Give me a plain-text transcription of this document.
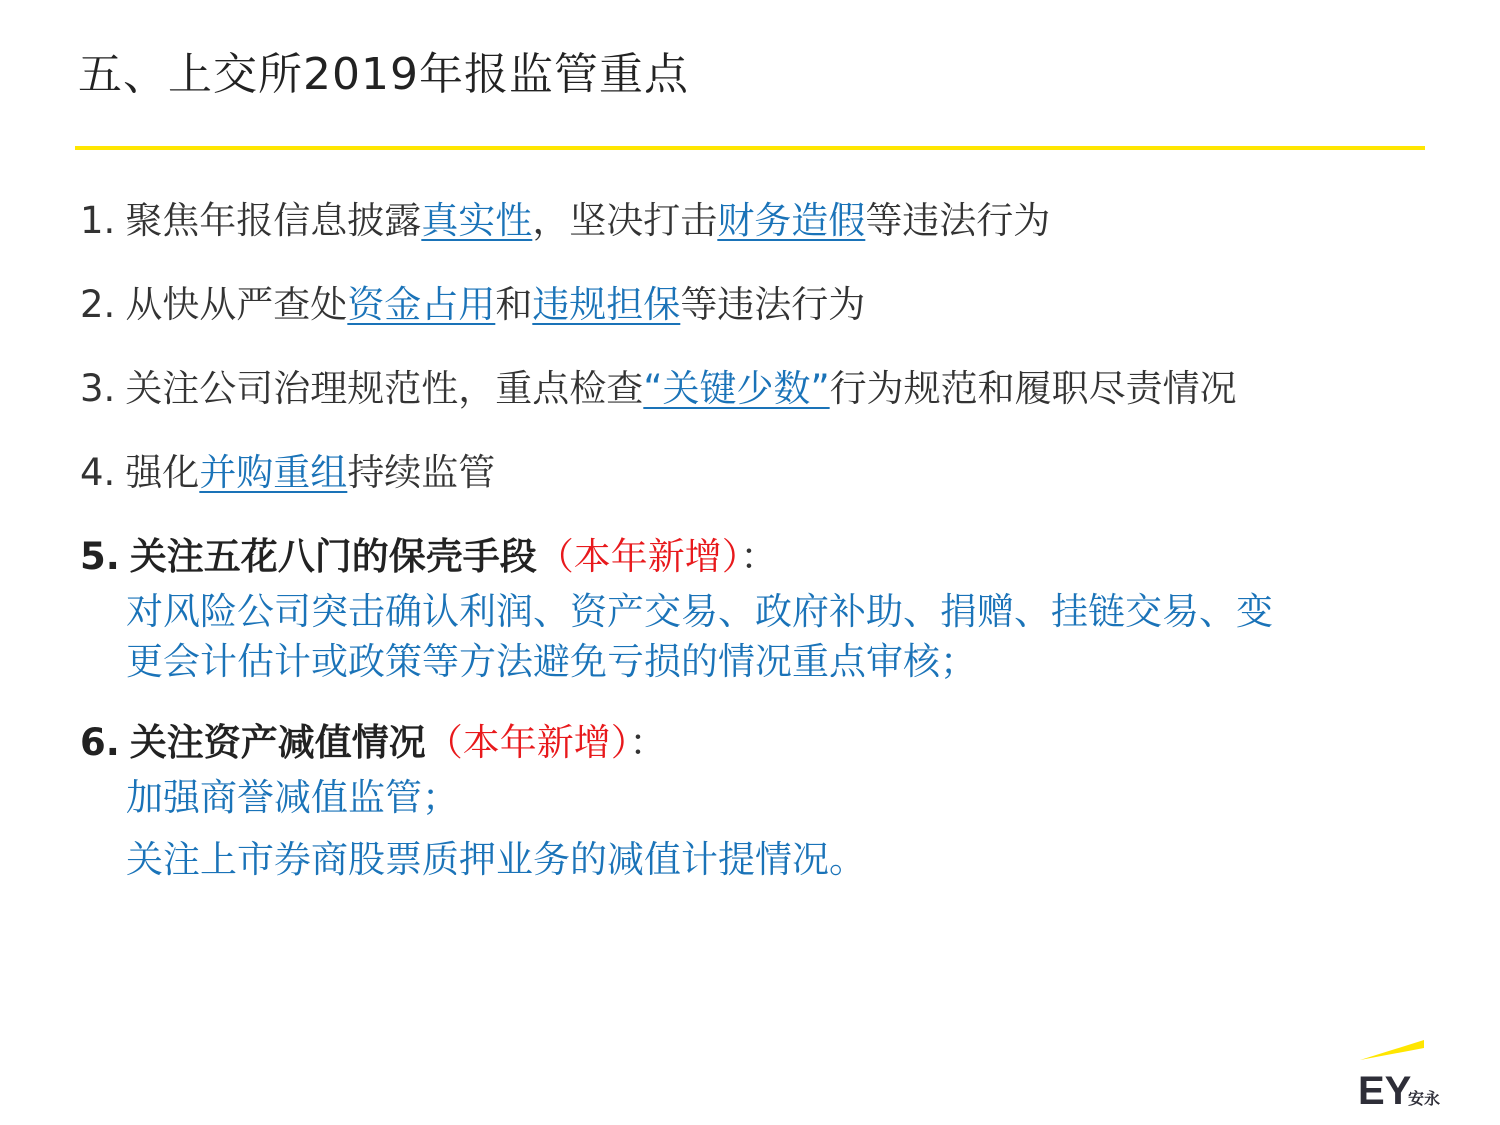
五、上交所2019年报监管重点
1. 聚焦年报信息披露真实性，坚决打击财务造假等违法行为
2. 从快从严查处资金占用和违规担保等违法行为
3. 关注公司治理规范性，重点检查“关键少数”行为规范和履职尽责情况
4. 强化并购重组持续监管
5. 关注五花八门的保壳手段（本年新增）：
对风险公司突击确认利润、资产交易、政府补助、捐赠、挂链交易、变
更会计估计或政策等方法避免亏损的情况重点审核；
6. 关注资产减值情况（本年新增）：
加强商誉减值监管；
关注上市券商股票质押业务的减值计提情况。
EY
安永
